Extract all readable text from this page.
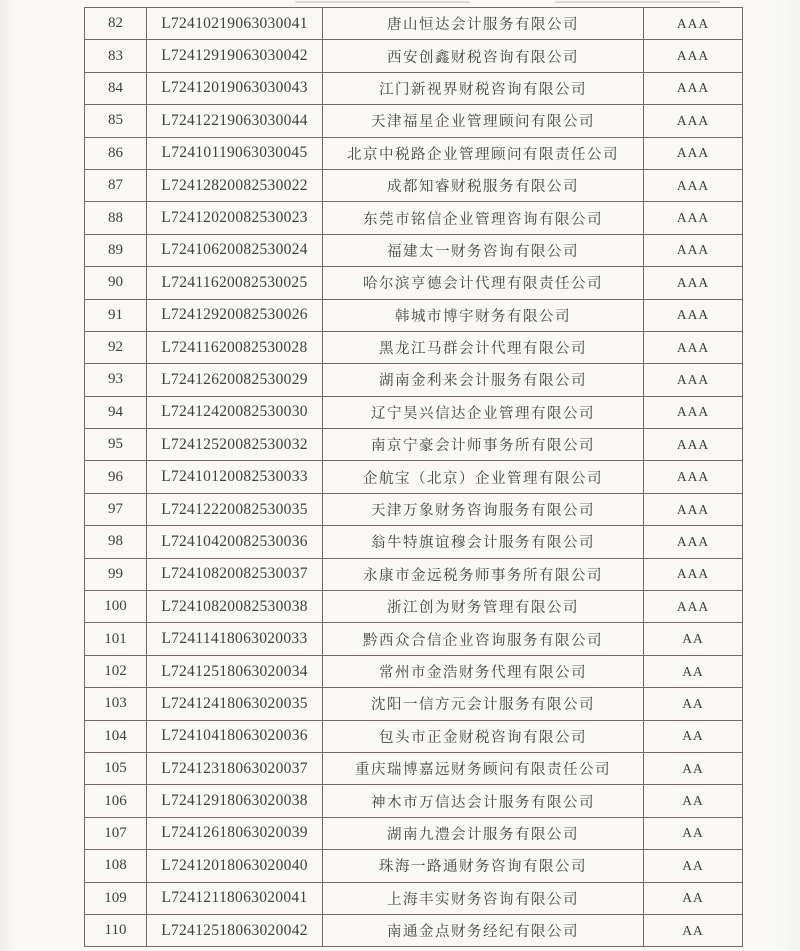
82	L72410219063030041	唐山恒达会计服务有限公司	AAA
83	L72412919063030042	西安创鑫财税咨询有限公司	AAA
84	L72412019063030043	江门新视界财税咨询有限公司	AAA
85	L72412219063030044	天津福星企业管理顾问有限公司	AAA
86	L72410119063030045	北京中税路企业管理顾问有限责任公司	AAA
87	L72412820082530022	成都知睿财税服务有限公司	AAA
88	L72412020082530023	东莞市铭信企业管理咨询有限公司	AAA
89	L72410620082530024	福建太一财务咨询有限公司	AAA
90	L72411620082530025	哈尔滨亨德会计代理有限责任公司	AAA
91	L72412920082530026	韩城市博宇财务有限公司	AAA
92	L72411620082530028	黑龙江马群会计代理有限公司	AAA
93	L72412620082530029	湖南金利来会计服务有限公司	AAA
94	L72412420082530030	辽宁昊兴信达企业管理有限公司	AAA
95	L72412520082530032	南京宁豪会计师事务所有限公司	AAA
96	L72410120082530033	企航宝（北京）企业管理有限公司	AAA
97	L72412220082530035	天津万象财务咨询服务有限公司	AAA
98	L72410420082530036	翁牛特旗谊穆会计服务有限公司	AAA
99	L72410820082530037	永康市金远税务师事务所有限公司	AAA
100	L72410820082530038	浙江创为财务管理有限公司	AAA
101	L72411418063020033	黔西众合信企业咨询服务有限公司	AA
102	L72412518063020034	常州市金浩财务代理有限公司	AA
103	L72412418063020035	沈阳一信方元会计服务有限公司	AA
104	L72410418063020036	包头市正金财税咨询有限公司	AA
105	L72412318063020037	重庆瑞博嘉远财务顾问有限责任公司	AA
106	L72412918063020038	神木市万信达会计服务有限公司	AA
107	L72412618063020039	湖南九澧会计服务有限公司	AA
108	L72412018063020040	珠海一路通财务咨询有限公司	AA
109	L72412118063020041	上海丰实财务咨询有限公司	AA
110	L72412518063020042	南通金点财务经纪有限公司	AA
